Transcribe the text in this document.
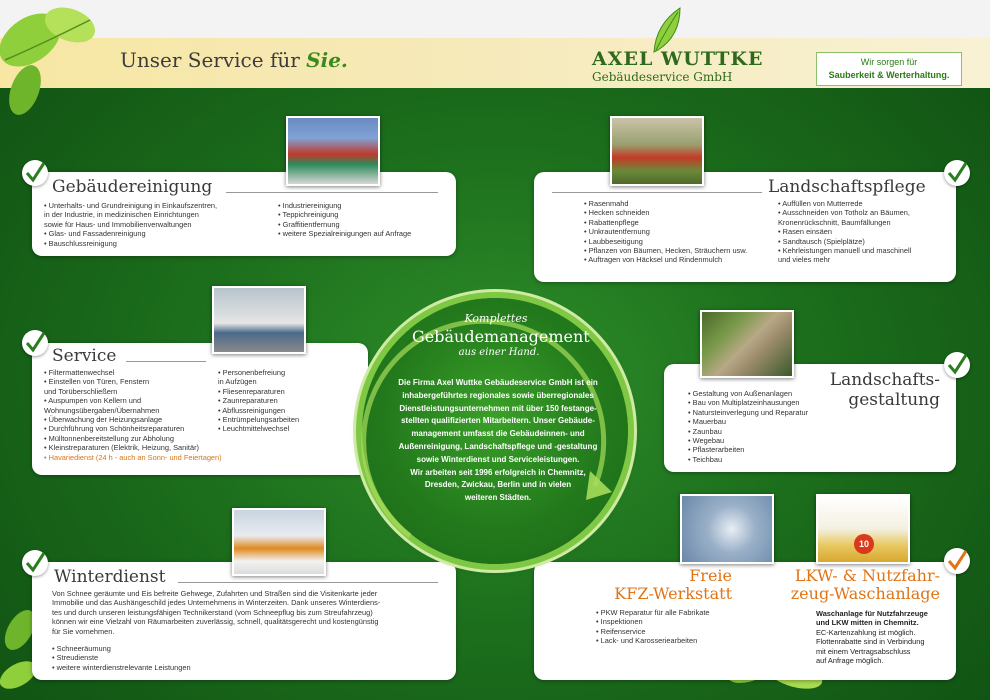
Unser Service für Sie.	AXEL WUTTKE
Gebäudeservice GmbH
Wir sorgen für
Sauberkeit & Werterhaltung.
Gebäudereinigung
• Unterhalts- und Grundreinigung in Einkaufszentren,
in der Industrie, in medizinischen Einrichtungen
sowie für Haus- und Immobilienverwaltungen
• Glas- und Fassadenreinigung
• Bauschlussreinigung
• Industriereinigung
• Teppichreinigung
• Graffitientfernung
• weitere Spezialreinigungen auf Anfrage
Landschaftspflege
• Rasenmahd
• Hecken schneiden
• Rabattenpflege
• Unkrautentfernung
• Laubbeseitigung
• Pflanzen von Bäumen, Hecken, Sträuchern usw.
• Auftragen von Häcksel und Rindenmulch
• Auffüllen von Mutterrede
• Ausschneiden von Totholz an Bäumen,
Kronenrückschnitt, Baumfällungen
• Rasen einsäen
• Sandtausch (Spielplätze)
• Kehrleistungen manuell und maschinell
und vieles mehr
Service
• Filtermattenwechsel
• Einstellen von Türen, Fenstern
und Torüberschließern
• Auspumpen von Kellern und
Wohnungsübergaben/Übernahmen
• Überwachung der Heizungsanlage
• Durchführung von Schönheitsreparaturen
• Mülltonnenbereitstellung zur Abholung
• Kleinstreparaturen (Elektrik, Heizung, Sanitär)
• Havariedienst (24 h - auch an Sonn- und Feiertagen)
• Personenbefreiung
in Aufzügen
• Fliesenreparaturen
• Zaunreparaturen
• Abflussreinigungen
• Entrümpelungsarbeiten
• Leuchtmittelwechsel
Landschafts-
gestaltung
• Gestaltung von Außenanlagen
• Bau von Multiplatzeinhausungen
• Natursteinverlegung und Reparatur
• Mauerbau
• Zaunbau
• Wegebau
• Pflasterarbeiten
• Teichbau
Winterdienst
Von Schnee geräumte und Eis befreite Gehwege, Zufahrten und Straßen sind die Visitenkarte jeder
Immobilie und das Aushängeschild jedes Unternehmens in Winterzeiten. Dank unseres Winterdiens-
tes und durch unseren leistungsfähigen Technikerstand (vom Schneepflug bis zum Streufahrzeug)
können wir eine Vielzahl von Räumarbeiten zuverlässig, schnell, qualitätsgerecht und kostengünstig
für Sie vornehmen.
• Schneeräumung
• Streudienste
• weitere winterdienstrelevante Leistungen
10
Freie
KFZ-Werkstatt
• PKW Reparatur für alle Fabrikate
• Inspektionen
• Reifenservice
• Lack- und Karosseriearbeiten
LKW- & Nutzfahr-
zeug-Waschanlage
Waschanlage für Nutzfahrzeuge
und LKW mitten in Chemnitz.
EC-Kartenzahlung ist möglich.
Flottenrabatte sind in Verbindung
mit einem Vertragsabschluss
auf Anfrage möglich.
Komplettes
Gebäudemanagement
aus einer Hand.

Die Firma Axel Wuttke Gebäudeservice GmbH ist ein

inhabergeführtes regionales sowie überregionales

Dienstleistungsunternehmen mit über 150 festange-

stellten qualifizierten Mitarbeitern. Unser Gebäude-

management umfasst die Gebäudeinnen- und

Außenreinigung, Landschaftspflege und -gestaltung

sowie Winterdienst und Serviceleistungen.

Wir arbeiten seit 1996 erfolgreich in Chemnitz,

Dresden, Zwickau, Berlin und in vielen

weiteren Städten.
